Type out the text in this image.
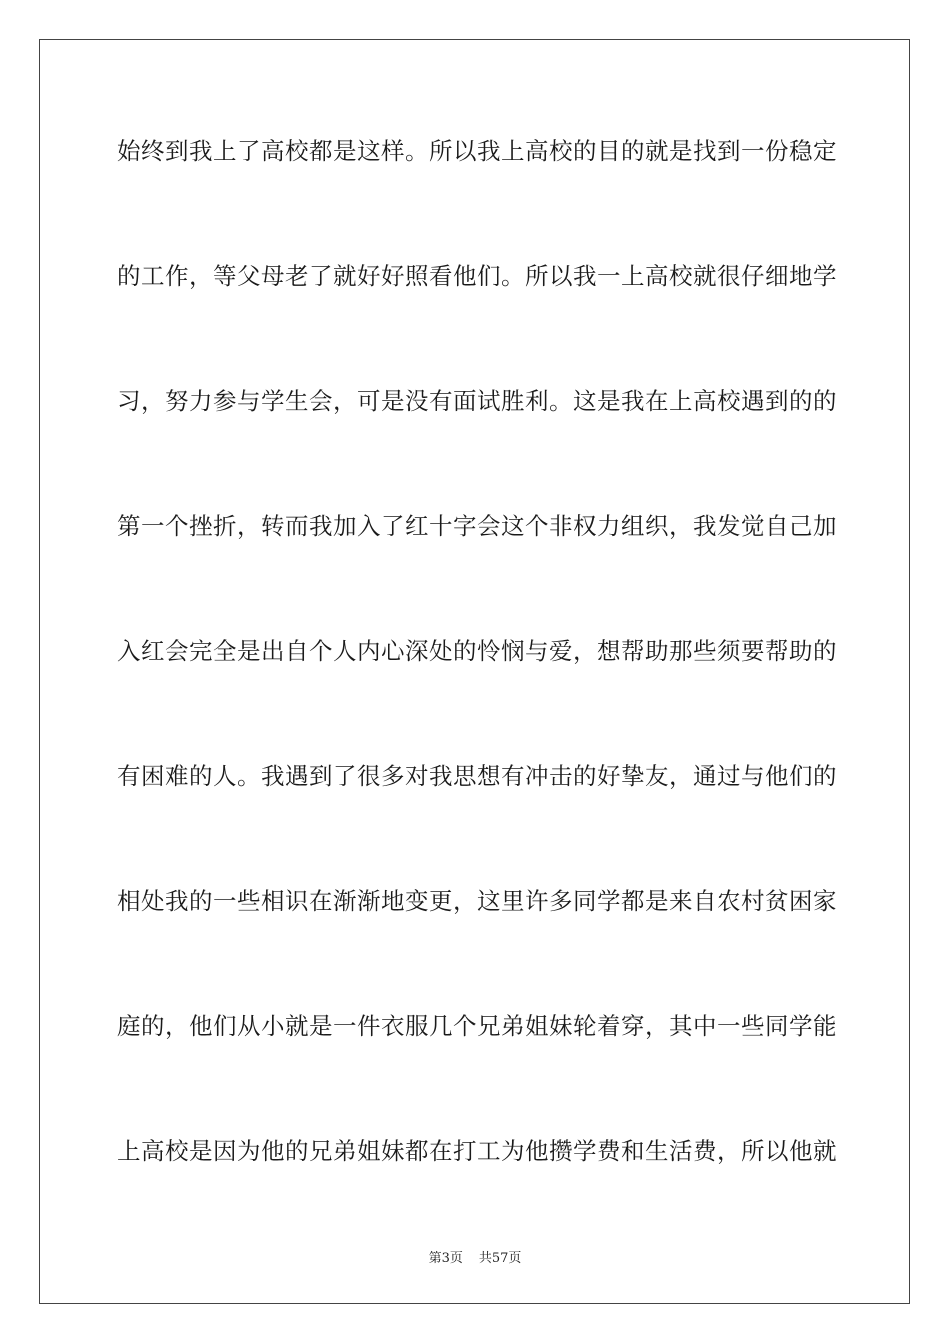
始终到我上了高校都是这样。所以我上高校的目的就是找到一份稳定
的工作，等父母老了就好好照看他们。所以我一上高校就很仔细地学
习，努力参与学生会，可是没有面试胜利。这是我在上高校遇到的的
第一个挫折，转而我加入了红十字会这个非权力组织，我发觉自己加
入红会完全是出自个人内心深处的怜悯与爱，想帮助那些须要帮助的
有困难的人。我遇到了很多对我思想有冲击的好挚友，通过与他们的
相处我的一些相识在渐渐地变更，这里许多同学都是来自农村贫困家
庭的，他们从小就是一件衣服几个兄弟姐妹轮着穿，其中一些同学能
上高校是因为他的兄弟姐妹都在打工为他攒学费和生活费，所以他就
第3页 共57页
